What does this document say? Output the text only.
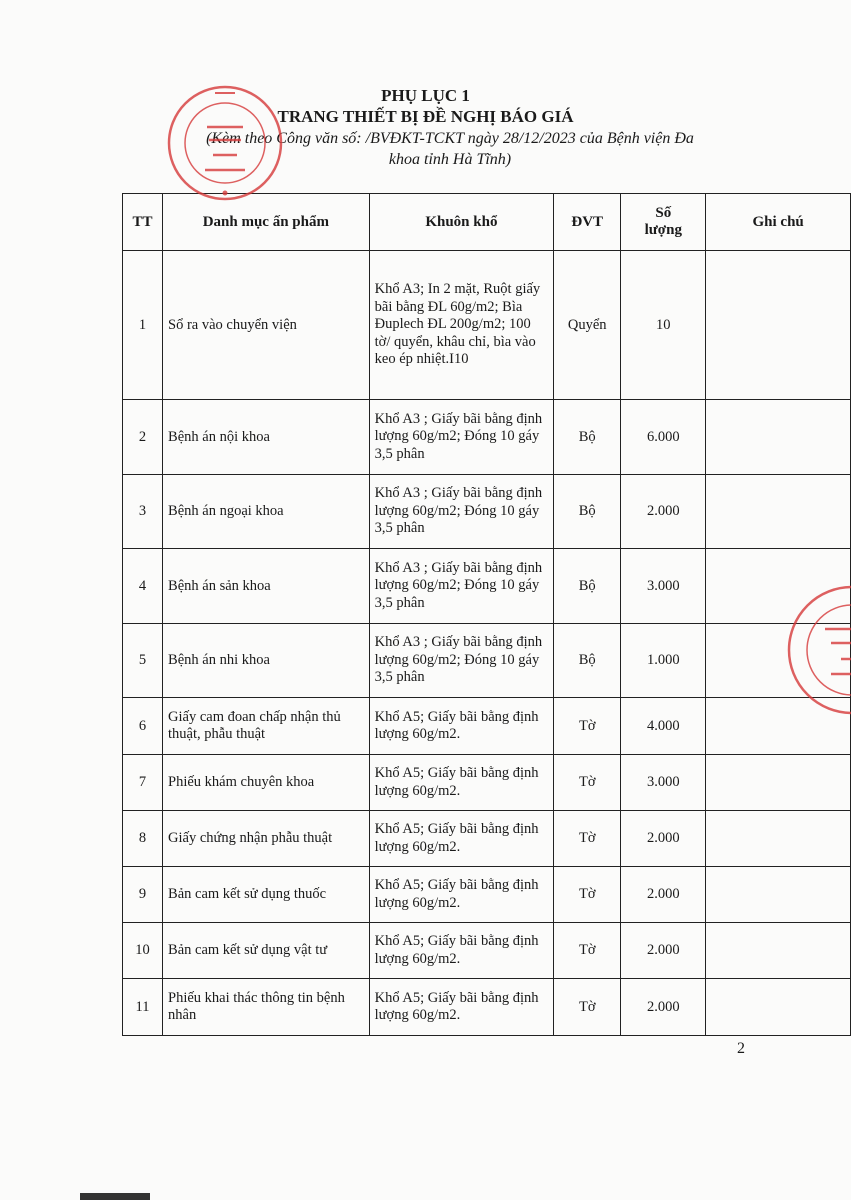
PHỤ LỤC 1
TRANG THIẾT BỊ ĐỀ NGHỊ BÁO GIÁ
(Kèm theo Công văn số: /BVĐKT-TCKT ngày 28/12/2023 của Bệnh viện Đa
khoa tỉnh Hà Tĩnh)
TT	Danh mục ấn phẩm	Khuôn khổ	ĐVT	Số lượng	Ghi chú
1	Sổ ra vào chuyển viện	Khổ A3; In 2 mặt, Ruột giấy bãi bằng ĐL 60g/m2; Bìa Đuplech ĐL 200g/m2; 100 tờ/ quyển, khâu chỉ, bìa vào keo ép nhiệt.I10	Quyển	10	
2	Bệnh án nội khoa	Khổ A3 ; Giấy bãi bằng định lượng 60g/m2; Đóng 10 gáy 3,5 phân	Bộ	6.000	
3	Bệnh án ngoại khoa	Khổ A3 ; Giấy bãi bằng định lượng 60g/m2; Đóng 10 gáy 3,5 phân	Bộ	2.000	
4	Bệnh án sản khoa	Khổ A3 ; Giấy bãi bằng định lượng 60g/m2; Đóng 10 gáy 3,5 phân	Bộ	3.000	
5	Bệnh án nhi khoa	Khổ A3 ; Giấy bãi bằng định lượng 60g/m2; Đóng 10 gáy 3,5 phân	Bộ	1.000	
6	Giấy cam đoan chấp nhận thủ thuật, phẫu thuật	Khổ A5; Giấy bãi bằng định lượng 60g/m2.	Tờ	4.000	
7	Phiếu khám chuyên khoa	Khổ A5; Giấy bãi bằng định lượng 60g/m2.	Tờ	3.000	
8	Giấy chứng nhận phẫu thuật	Khổ A5; Giấy bãi bằng định lượng 60g/m2.	Tờ	2.000	
9	Bản cam kết sử dụng thuốc	Khổ A5; Giấy bãi bằng định lượng 60g/m2.	Tờ	2.000	
10	Bản cam kết sử dụng vật tư	Khổ A5; Giấy bãi bằng định lượng 60g/m2.	Tờ	2.000	
11	Phiếu khai thác thông tin bệnh nhân	Khổ A5; Giấy bãi bằng định lượng 60g/m2.	Tờ	2.000	
2
